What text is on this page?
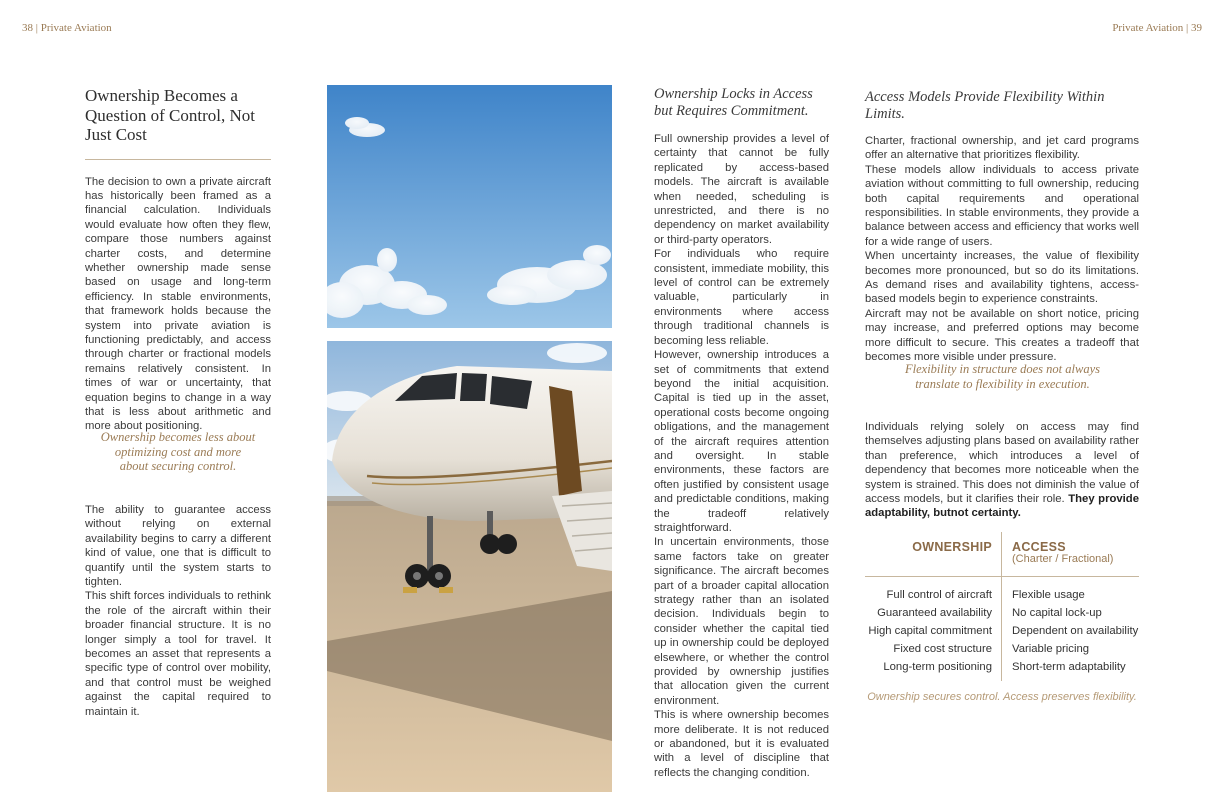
38 | Private Aviation	Private Aviation | 39
Ownership Becomes a Question of Control, Not Just Cost

The decision to own a private aircraft has historically been framed as a financial calculation. Individuals would evaluate how often they flew, compare those numbers against charter costs, and determine whether ownership made sense based on usage and long-term efficiency. In stable environments, that framework holds because the system into private aviation is functioning predictably, and access through charter or fractional models remains relatively consistent. In times of war or uncertainty, that equation begins to change in a way that is less about arithmetic and more about positioning.

Ownership becomes less about optimizing cost and more about securing control.

The ability to guarantee access without relying on external availability begins to carry a different kind of value, one that is difficult to quantify until the system starts to tighten.

This shift forces individuals to rethink the role of the aircraft within their broader financial structure. It is no longer simply a tool for travel. It becomes an asset that represents a specific type of control over mobility, and that control must be weighed against the capital required to maintain it.

Ownership Locks in Access but Requires Commitment.

Full ownership provides a level of certainty that cannot be fully replicated by access-based models. The aircraft is available when needed, scheduling is unrestricted, and there is no dependency on market availability or third-party operators.

For individuals who require consistent, immediate mobility, this level of control can be extremely valuable, particularly in environments where access through traditional channels is becoming less reliable.

However, ownership introduces a set of commitments that extend beyond the initial acquisition. Capital is tied up in the asset, operational costs become ongoing obligations, and the management of the aircraft requires attention and oversight. In stable environments, these factors are often justified by consistent usage and predictable conditions, making the tradeoff relatively straightforward.

In uncertain environments, those same factors take on greater significance. The aircraft becomes part of a broader capital allocation strategy rather than an isolated decision. Individuals begin to consider whether the capital tied up in ownership could be deployed elsewhere, or whether the control provided by ownership justifies that allocation given the current environment.

This is where ownership becomes more deliberate. It is not reduced or abandoned, but it is evaluated with a level of discipline that reflects the changing condition.

Access Models Provide Flexibility Within Limits.

Charter, fractional ownership, and jet card programs offer an alternative that prioritizes flexibility.

These models allow individuals to access private aviation without committing to full ownership, reducing both capital requirements and operational responsibilities. In stable environments, they provide a balance between access and efficiency that works well for a wide range of users.

When uncertainty increases, the value of flexibility becomes more pronounced, but so do its limitations. As demand rises and availability tightens, access-based models begin to experience constraints.

Aircraft may not be available on short notice, pricing may increase, and preferred options may become more difficult to secure. This creates a tradeoff that becomes more visible under pressure.

Flexibility in structure does not always translate to flexibility in execution.

Individuals relying solely on access may find themselves adjusting plans based on availability rather than preference, which introduces a level of dependency that becomes more noticeable when the system is strained. This does not diminish the value of access models, but it clarifies their role. They provide adaptability, butnot certainty.

OWNERSHIP ACCESS
(Charter / Fractional)
Full control of aircraft Flexible usage
Guaranteed availability No capital lock-up
High capital commitment Dependent on availability
Fixed cost structure Variable pricing
Long-term positioning Short-term adaptability
Ownership secures control. Access preserves flexibility.
